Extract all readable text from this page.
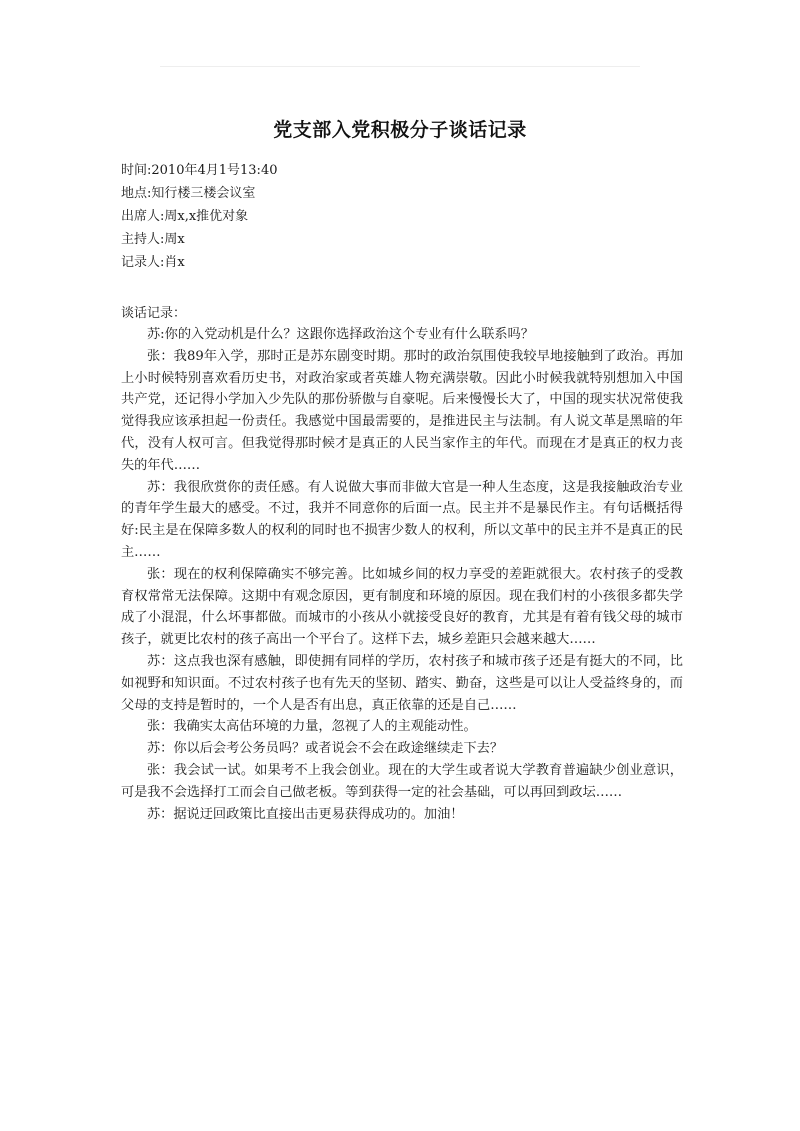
党支部入党积极分子谈话记录
时间:2010年4月1号13:40
地点:知行楼三楼会议室
出席人:周x,x推优对象
主持人:周x
记录人:肖x

谈话记录：

苏:你的入党动机是什么？这跟你选择政治这个专业有什么联系吗？

张：我89年入学，那时正是苏东剧变时期。那时的政治氛围使我较早地接触到了政治。再加上小时候特别喜欢看历史书，对政治家或者英雄人物充满崇敬。因此小时候我就特别想加入中国共产党，还记得小学加入少先队的那份骄傲与自豪呢。后来慢慢长大了，中国的现实状况常使我觉得我应该承担起一份责任。我感觉中国最需要的，是推进民主与法制。有人说文革是黑暗的年代，没有人权可言。但我觉得那时候才是真正的人民当家作主的年代。而现在才是真正的权力丧失的年代……

苏：我很欣赏你的责任感。有人说做大事而非做大官是一种人生态度，这是我接触政治专业的青年学生最大的感受。不过，我并不同意你的后面一点。民主并不是暴民作主。有句话概括得好:民主是在保障多数人的权利的同时也不损害少数人的权利，所以文革中的民主并不是真正的民主……

张：现在的权利保障确实不够完善。比如城乡间的权力享受的差距就很大。农村孩子的受教育权常常无法保障。这期中有观念原因，更有制度和环境的原因。现在我们村的小孩很多都失学成了小混混，什么坏事都做。而城市的小孩从小就接受良好的教育，尤其是有着有钱父母的城市孩子，就更比农村的孩子高出一个平台了。这样下去，城乡差距只会越来越大……

苏：这点我也深有感触，即使拥有同样的学历，农村孩子和城市孩子还是有挺大的不同，比如视野和知识面。不过农村孩子也有先天的坚韧、踏实、勤奋，这些是可以让人受益终身的，而父母的支持是暂时的，一个人是否有出息，真正依靠的还是自己……

张：我确实太高估环境的力量，忽视了人的主观能动性。

苏：你以后会考公务员吗？或者说会不会在政途继续走下去？

张：我会试一试。如果考不上我会创业。现在的大学生或者说大学教育普遍缺少创业意识，可是我不会选择打工而会自己做老板。等到获得一定的社会基础，可以再回到政坛……

苏：据说迂回政策比直接出击更易获得成功的。加油！
